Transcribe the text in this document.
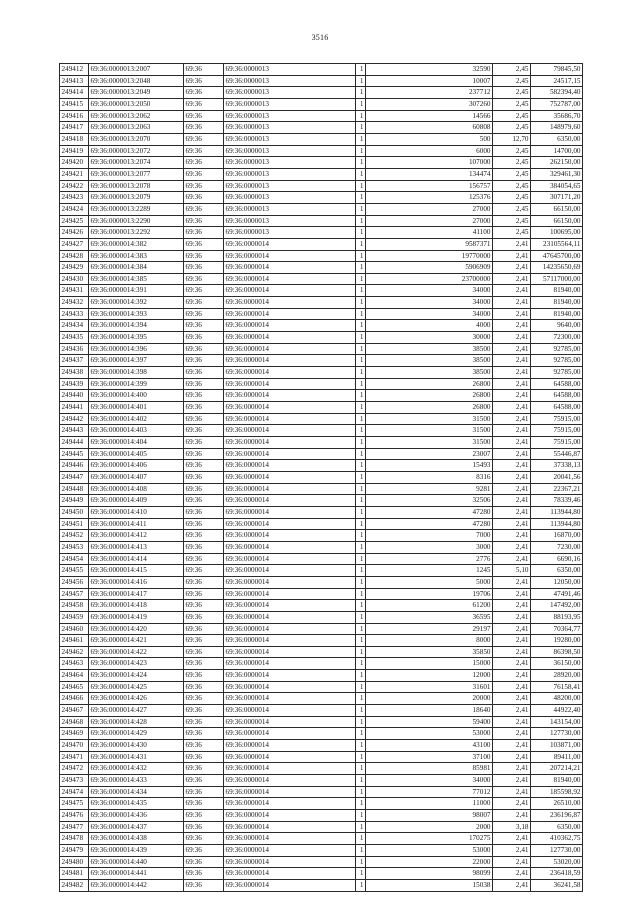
3516
249412	69:36:0000013:2007	69:36	69:36:0000013	1	32590	2,45	79845,50
249413	69:36:0000013:2048	69:36	69:36:0000013	1	10007	2,45	24517,15
249414	69:36:0000013:2049	69:36	69:36:0000013	1	237712	2,45	582394,40
249415	69:36:0000013:2050	69:36	69:36:0000013	1	307260	2,45	752787,00
249416	69:36:0000013:2062	69:36	69:36:0000013	1	14566	2,45	35686,70
249417	69:36:0000013:2063	69:36	69:36:0000013	1	60808	2,45	148979,60
249418	69:36:0000013:2070	69:36	69:36:0000013	1	500	12,70	6350,00
249419	69:36:0000013:2072	69:36	69:36:0000013	1	6000	2,45	14700,00
249420	69:36:0000013:2074	69:36	69:36:0000013	1	107000	2,45	262150,00
249421	69:36:0000013:2077	69:36	69:36:0000013	1	134474	2,45	329461,30
249422	69:36:0000013:2078	69:36	69:36:0000013	1	156757	2,45	384054,65
249423	69:36:0000013:2079	69:36	69:36:0000013	1	125376	2,45	307171,20
249424	69:36:0000013:2289	69:36	69:36:0000013	1	27000	2,45	66150,00
249425	69:36:0000013:2290	69:36	69:36:0000013	1	27000	2,45	66150,00
249426	69:36:0000013:2292	69:36	69:36:0000013	1	41100	2,45	100695,00
249427	69:36:0000014:382	69:36	69:36:0000014	1	9587371	2,41	23105564,11
249428	69:36:0000014:383	69:36	69:36:0000014	1	19770000	2,41	47645700,00
249429	69:36:0000014:384	69:36	69:36:0000014	1	5906909	2,41	14235650,69
249430	69:36:0000014:385	69:36	69:36:0000014	1	23700000	2,41	57117000,00
249431	69:36:0000014:391	69:36	69:36:0000014	1	34000	2,41	81940,00
249432	69:36:0000014:392	69:36	69:36:0000014	1	34000	2,41	81940,00
249433	69:36:0000014:393	69:36	69:36:0000014	1	34000	2,41	81940,00
249434	69:36:0000014:394	69:36	69:36:0000014	1	4000	2,41	9640,00
249435	69:36:0000014:395	69:36	69:36:0000014	1	30000	2,41	72300,00
249436	69:36:0000014:396	69:36	69:36:0000014	1	38500	2,41	92785,00
249437	69:36:0000014:397	69:36	69:36:0000014	1	38500	2,41	92785,00
249438	69:36:0000014:398	69:36	69:36:0000014	1	38500	2,41	92785,00
249439	69:36:0000014:399	69:36	69:36:0000014	1	26800	2,41	64588,00
249440	69:36:0000014:400	69:36	69:36:0000014	1	26800	2,41	64588,00
249441	69:36:0000014:401	69:36	69:36:0000014	1	26800	2,41	64588,00
249442	69:36:0000014:402	69:36	69:36:0000014	1	31500	2,41	75915,00
249443	69:36:0000014:403	69:36	69:36:0000014	1	31500	2,41	75915,00
249444	69:36:0000014:404	69:36	69:36:0000014	1	31500	2,41	75915,00
249445	69:36:0000014:405	69:36	69:36:0000014	1	23007	2,41	55446,87
249446	69:36:0000014:406	69:36	69:36:0000014	1	15493	2,41	37338,13
249447	69:36:0000014:407	69:36	69:36:0000014	1	8316	2,41	20041,56
249448	69:36:0000014:408	69:36	69:36:0000014	1	9281	2,41	22367,21
249449	69:36:0000014:409	69:36	69:36:0000014	1	32506	2,41	78339,46
249450	69:36:0000014:410	69:36	69:36:0000014	1	47280	2,41	113944,80
249451	69:36:0000014:411	69:36	69:36:0000014	1	47280	2,41	113944,80
249452	69:36:0000014:412	69:36	69:36:0000014	1	7000	2,41	16870,00
249453	69:36:0000014:413	69:36	69:36:0000014	1	3000	2,41	7230,00
249454	69:36:0000014:414	69:36	69:36:0000014	1	2776	2,41	6690,16
249455	69:36:0000014:415	69:36	69:36:0000014	1	1245	5,10	6350,00
249456	69:36:0000014:416	69:36	69:36:0000014	1	5000	2,41	12050,00
249457	69:36:0000014:417	69:36	69:36:0000014	1	19706	2,41	47491,46
249458	69:36:0000014:418	69:36	69:36:0000014	1	61200	2,41	147492,00
249459	69:36:0000014:419	69:36	69:36:0000014	1	36595	2,41	88193,95
249460	69:36:0000014:420	69:36	69:36:0000014	1	29197	2,41	70364,77
249461	69:36:0000014:421	69:36	69:36:0000014	1	8000	2,41	19280,00
249462	69:36:0000014:422	69:36	69:36:0000014	1	35850	2,41	86398,50
249463	69:36:0000014:423	69:36	69:36:0000014	1	15000	2,41	36150,00
249464	69:36:0000014:424	69:36	69:36:0000014	1	12000	2,41	28920,00
249465	69:36:0000014:425	69:36	69:36:0000014	1	31601	2,41	76158,41
249466	69:36:0000014:426	69:36	69:36:0000014	1	20000	2,41	48200,00
249467	69:36:0000014:427	69:36	69:36:0000014	1	18640	2,41	44922,40
249468	69:36:0000014:428	69:36	69:36:0000014	1	59400	2,41	143154,00
249469	69:36:0000014:429	69:36	69:36:0000014	1	53000	2,41	127730,00
249470	69:36:0000014:430	69:36	69:36:0000014	1	43100	2,41	103871,00
249471	69:36:0000014:431	69:36	69:36:0000014	1	37100	2,41	89411,00
249472	69:36:0000014:432	69:36	69:36:0000014	1	85981	2,41	207214,21
249473	69:36:0000014:433	69:36	69:36:0000014	1	34000	2,41	81940,00
249474	69:36:0000014:434	69:36	69:36:0000014	1	77012	2,41	185598,92
249475	69:36:0000014:435	69:36	69:36:0000014	1	11000	2,41	26510,00
249476	69:36:0000014:436	69:36	69:36:0000014	1	98007	2,41	236196,87
249477	69:36:0000014:437	69:36	69:36:0000014	1	2000	3,18	6350,00
249478	69:36:0000014:438	69:36	69:36:0000014	1	170275	2,41	410362,75
249479	69:36:0000014:439	69:36	69:36:0000014	1	53000	2,41	127730,00
249480	69:36:0000014:440	69:36	69:36:0000014	1	22000	2,41	53020,00
249481	69:36:0000014:441	69:36	69:36:0000014	1	98099	2,41	236418,59
249482	69:36:0000014:442	69:36	69:36:0000014	1	15038	2,41	36241,58
